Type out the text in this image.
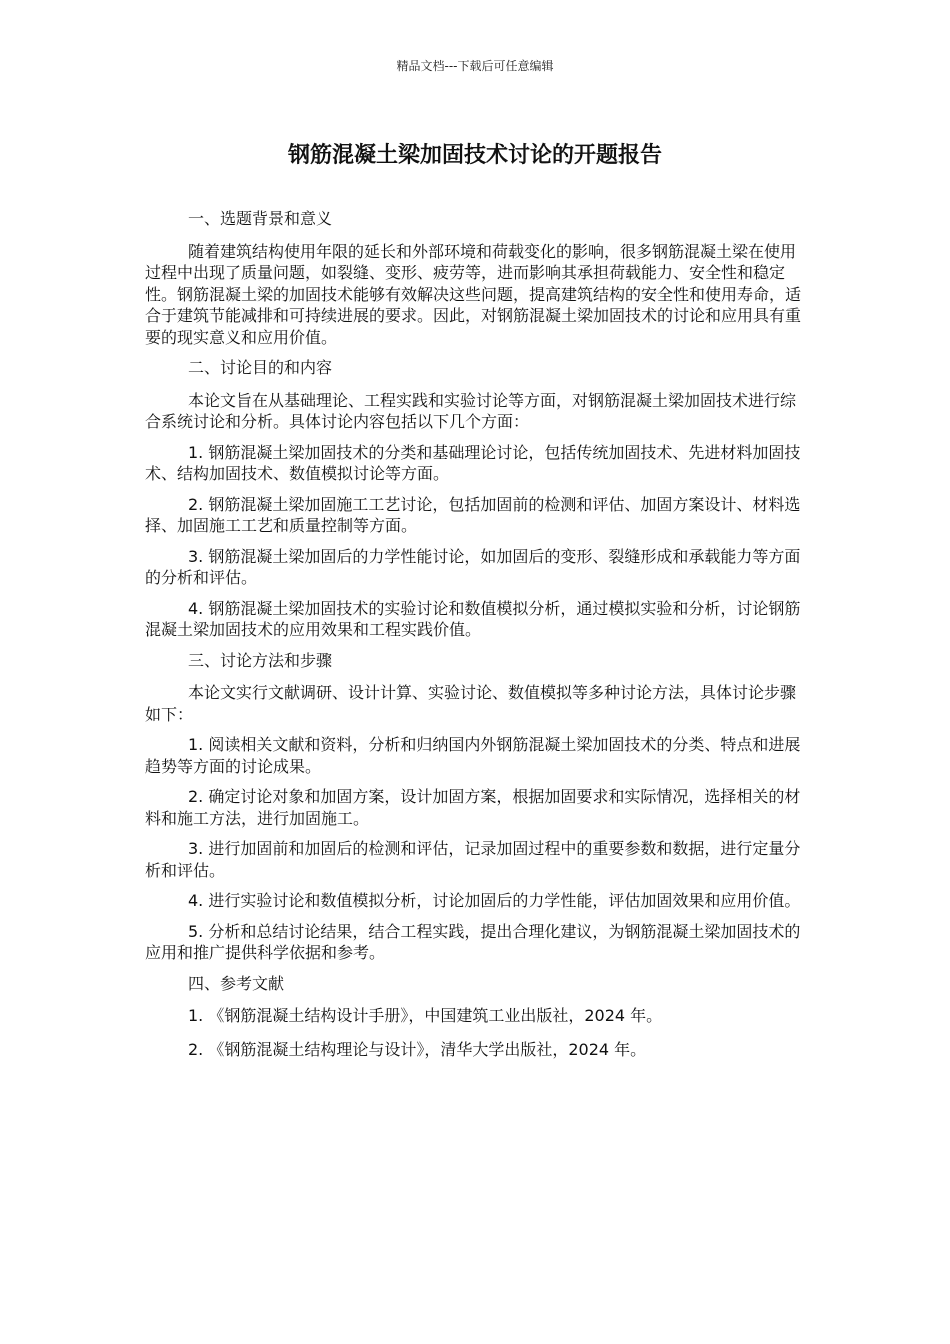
精品文档---下载后可任意编辑
钢筋混凝土梁加固技术讨论的开题报告

一、选题背景和意义

随着建筑结构使用年限的延长和外部环境和荷载变化的影响，很多钢筋混凝土梁在使用过程中出现了质量问题，如裂缝、变形、疲劳等，进而影响其承担荷载能力、安全性和稳定性。钢筋混凝土梁的加固技术能够有效解决这些问题，提高建筑结构的安全性和使用寿命，适合于建筑节能减排和可持续进展的要求。因此，对钢筋混凝土梁加固技术的讨论和应用具有重要的现实意义和应用价值。

二、讨论目的和内容

本论文旨在从基础理论、工程实践和实验讨论等方面，对钢筋混凝土梁加固技术进行综合系统讨论和分析。具体讨论内容包括以下几个方面：

1. 钢筋混凝土梁加固技术的分类和基础理论讨论，包括传统加固技术、先进材料加固技术、结构加固技术、数值模拟讨论等方面。

2. 钢筋混凝土梁加固施工工艺讨论，包括加固前的检测和评估、加固方案设计、材料选择、加固施工工艺和质量控制等方面。

3. 钢筋混凝土梁加固后的力学性能讨论，如加固后的变形、裂缝形成和承载能力等方面的分析和评估。

4. 钢筋混凝土梁加固技术的实验讨论和数值模拟分析，通过模拟实验和分析，讨论钢筋混凝土梁加固技术的应用效果和工程实践价值。

三、讨论方法和步骤

本论文实行文献调研、设计计算、实验讨论、数值模拟等多种讨论方法，具体讨论步骤如下：

1. 阅读相关文献和资料，分析和归纳国内外钢筋混凝土梁加固技术的分类、特点和进展趋势等方面的讨论成果。

2. 确定讨论对象和加固方案，设计加固方案，根据加固要求和实际情况，选择相关的材料和施工方法，进行加固施工。

3. 进行加固前和加固后的检测和评估，记录加固过程中的重要参数和数据，进行定量分析和评估。

4. 进行实验讨论和数值模拟分析，讨论加固后的力学性能，评估加固效果和应用价值。

5. 分析和总结讨论结果，结合工程实践，提出合理化建议，为钢筋混凝土梁加固技术的应用和推广提供科学依据和参考。

四、参考文献

1. 《钢筋混凝土结构设计手册》，中国建筑工业出版社，2024 年。

2. 《钢筋混凝土结构理论与设计》，清华大学出版社，2024 年。
